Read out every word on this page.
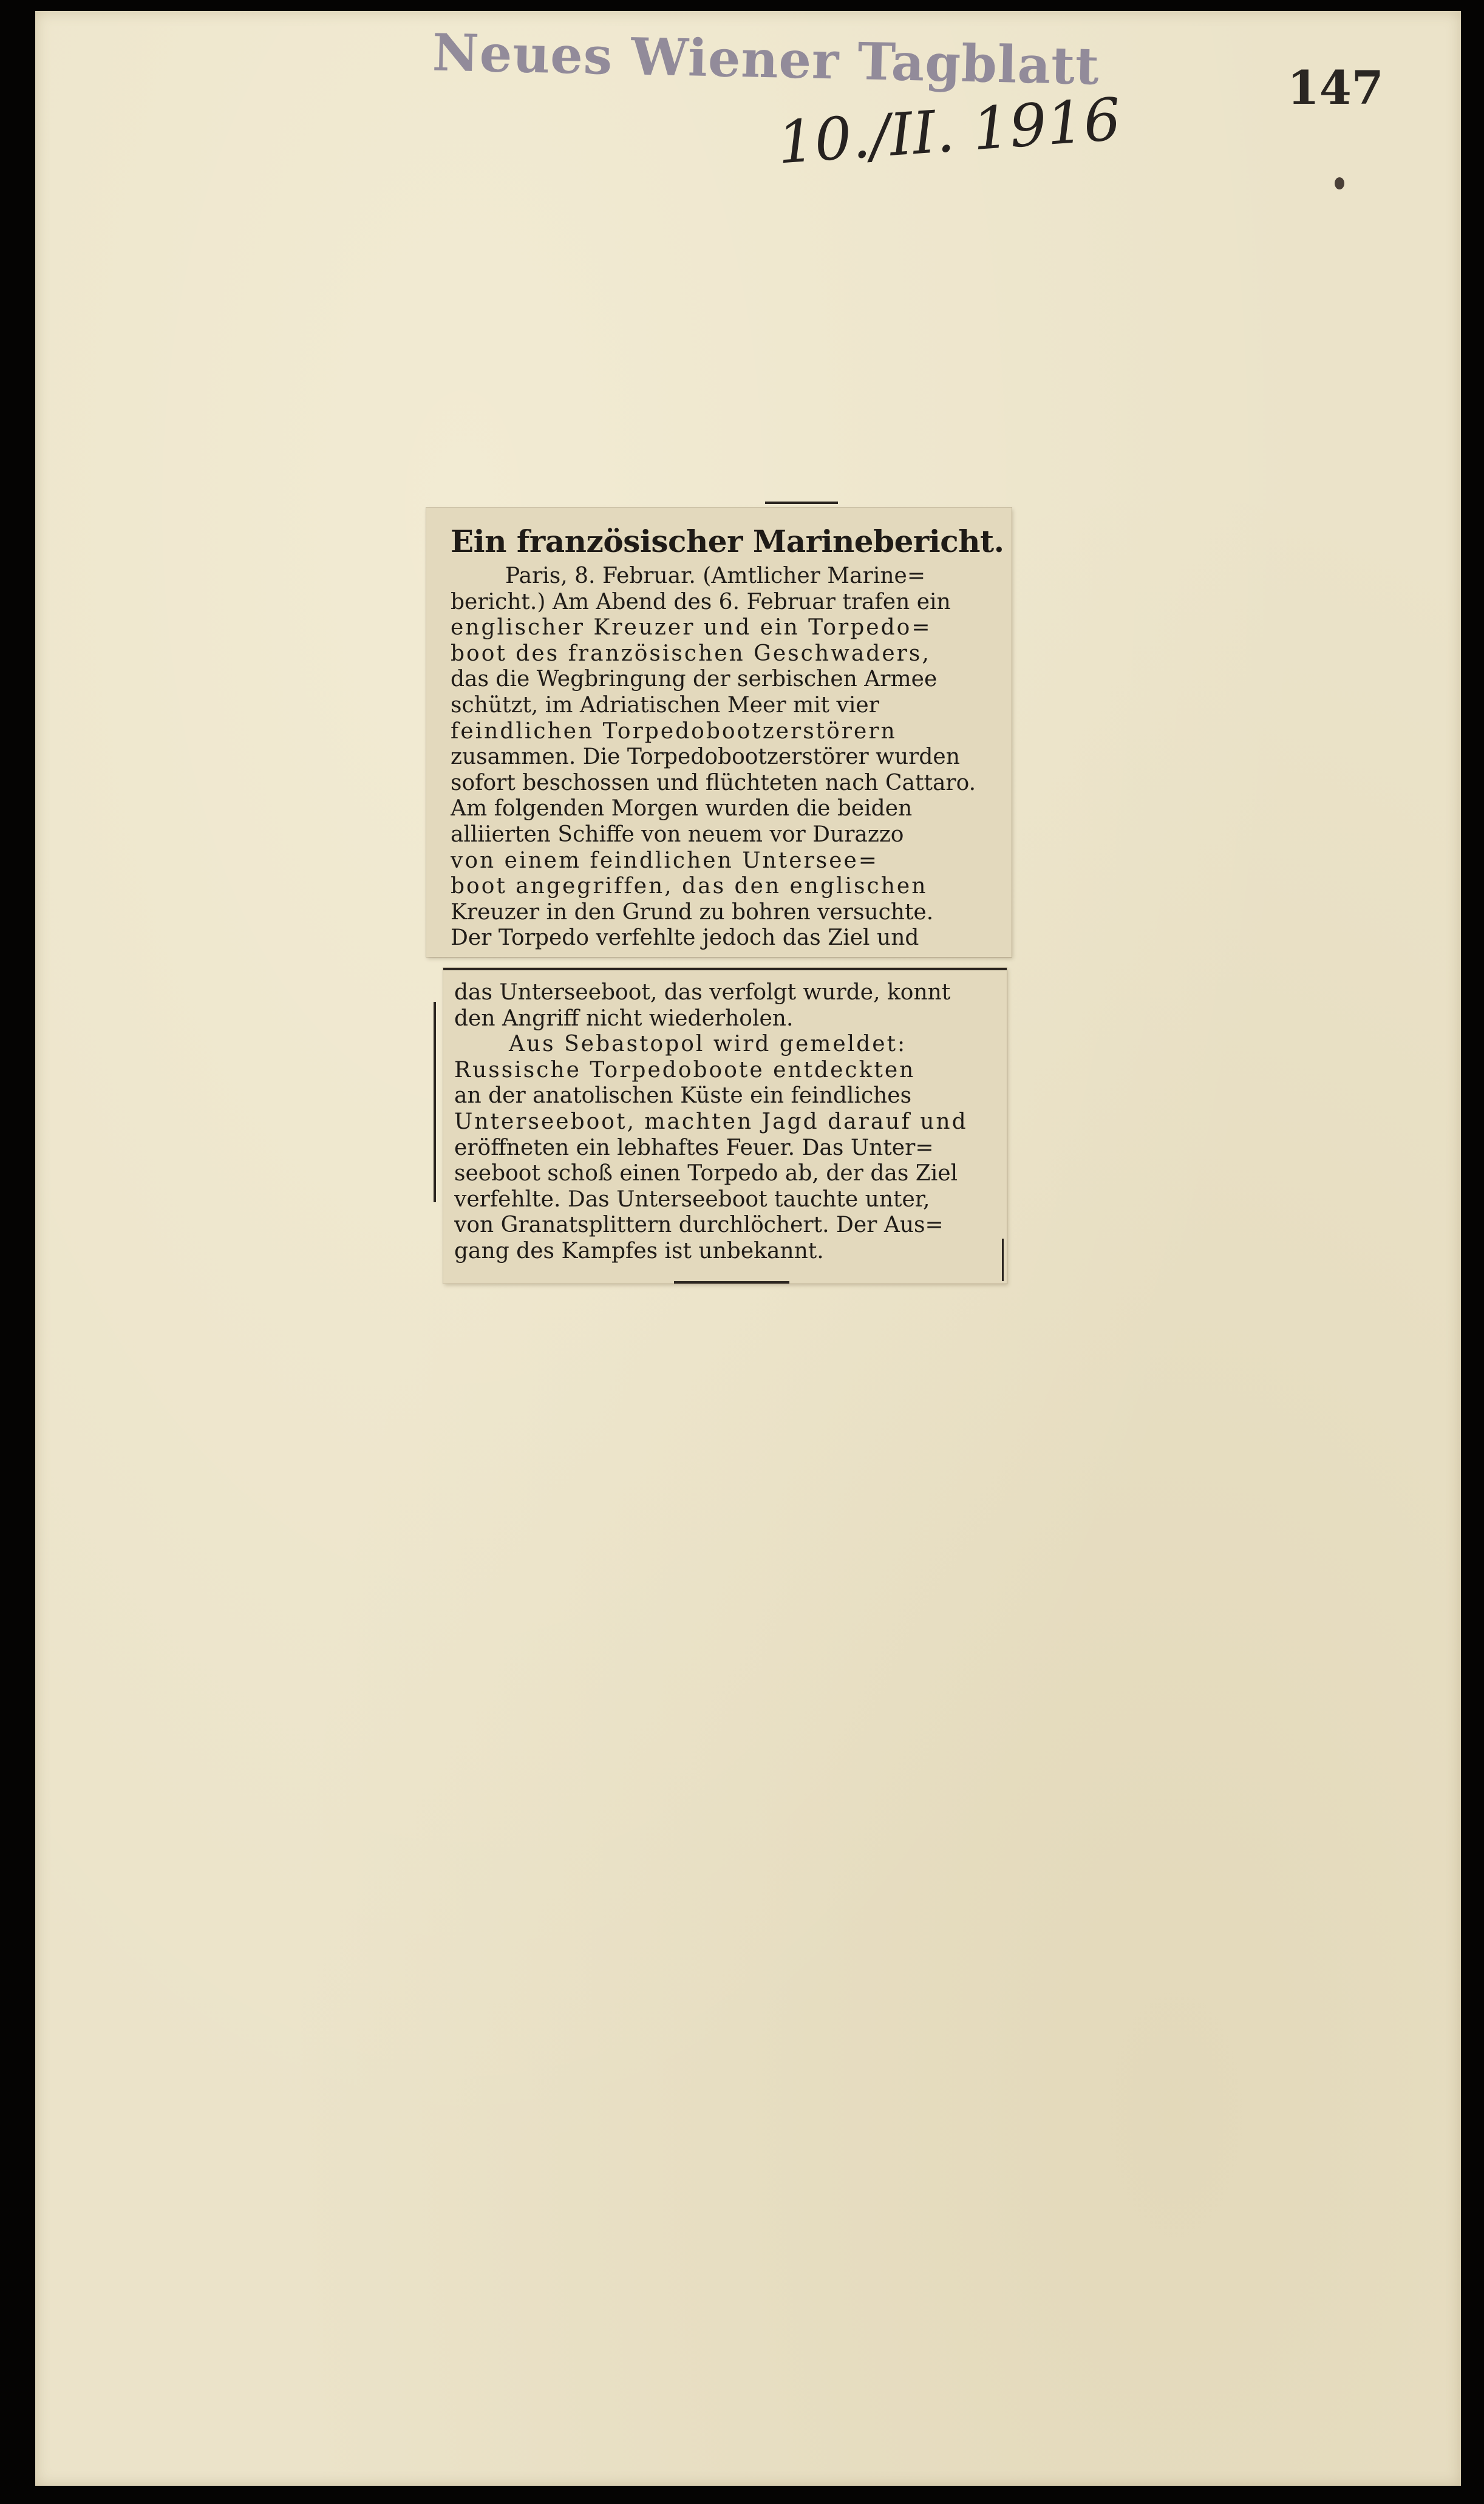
Neues Wiener Tagblatt	147
10./II. 1916
Ein französischer Marinebericht.
Paris, 8. Februar. (Amtlicher Marine=
bericht.) Am Abend des 6. Februar trafen ein
englischer Kreuzer und ein Torpedo=
boot des französischen Geschwaders,
das die Wegbringung der serbischen Armee
schützt, im Adriatischen Meer mit vier
feindlichen Torpedobootzerstörern
zusammen. Die Torpedobootzerstörer wurden
sofort beschossen und flüchteten nach Cattaro.
Am folgenden Morgen wurden die beiden
alliierten Schiffe von neuem vor Durazzo
von einem feindlichen Untersee=
boot angegriffen, das den englischen
Kreuzer in den Grund zu bohren versuchte.
Der Torpedo verfehlte jedoch das Ziel und
das Unterseeboot, das verfolgt wurde, konnt
den Angriff nicht wiederholen.
Aus Sebastopol wird gemeldet:
Russische Torpedoboote entdeckten
an der anatolischen Küste ein feindliches
Unterseeboot, machten Jagd darauf und
eröffneten ein lebhaftes Feuer. Das Unter=
seeboot schoß einen Torpedo ab, der das Ziel
verfehlte. Das Unterseeboot tauchte unter,
von Granatsplittern durchlöchert. Der Aus=
gang des Kampfes ist unbekannt.
